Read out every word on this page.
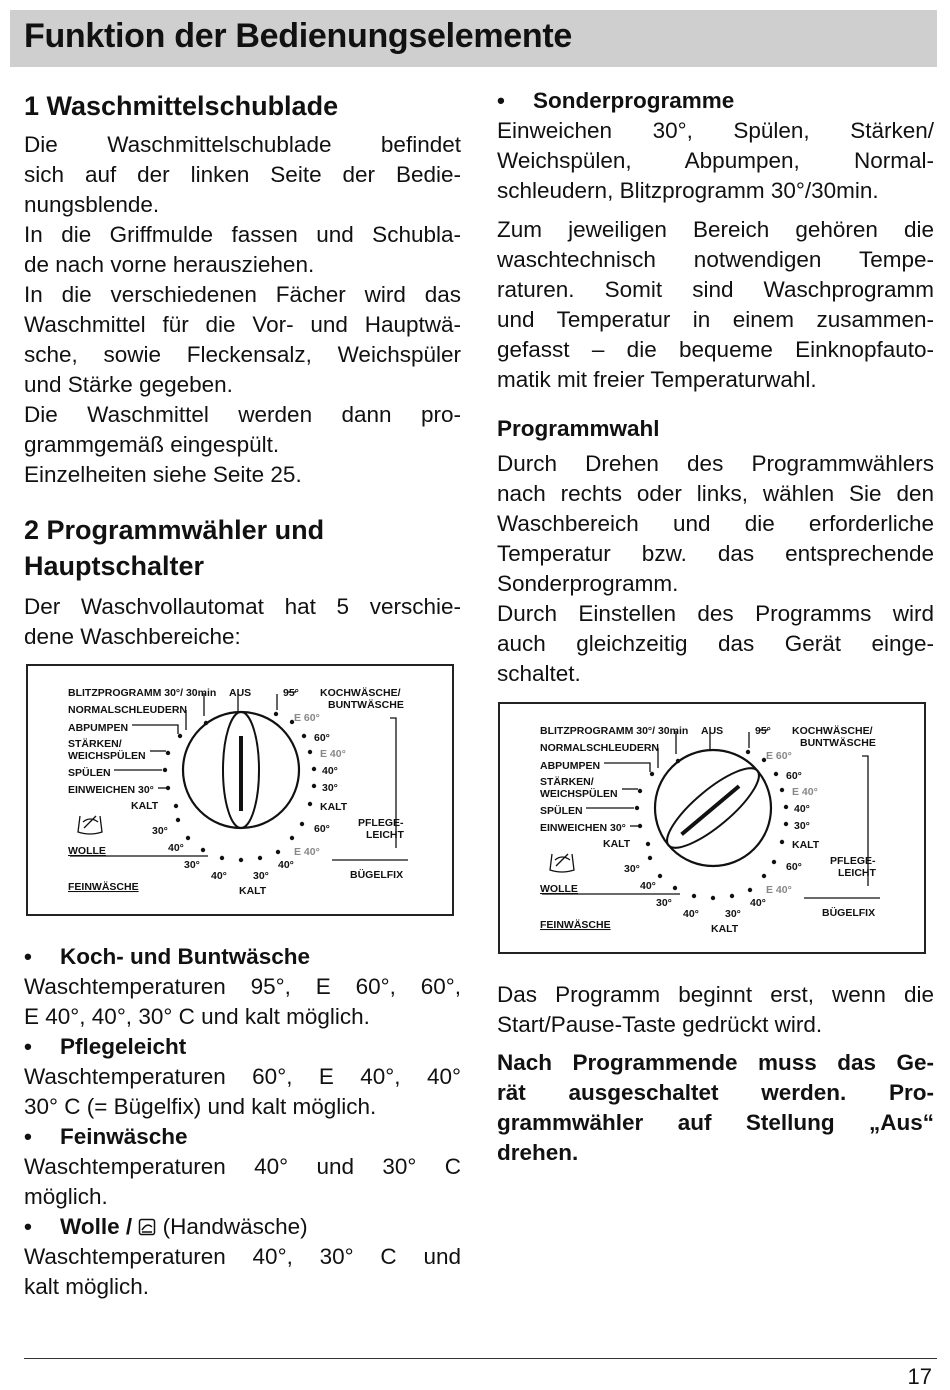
Funktion der Bedienungselemente
1 Waschmittelschublade
Die Waschmittelschublade befindet
sich auf der linken Seite der Bedie-
nungsblende.
In die Griffmulde fassen und Schubla-
de nach vorne herausziehen.
In die verschiedenen Fächer wird das
Waschmittel für die Vor- und Hauptwä-
sche, sowie Fleckensalz, Weichspüler
und Stärke gegeben.
Die Waschmittel werden dann pro-
grammgemäß eingespült.
Einzelheiten siehe Seite 25.
2 Programmwähler und
Hauptschalter
Der Waschvollautomat hat 5 verschie-
dene Waschbereiche:
• Koch- und Buntwäsche
Waschtemperaturen 95°, E 60°, 60°,
E 40°, 40°, 30° C und kalt möglich.
• Pflegeleicht
Waschtemperaturen 60°, E 40°, 40°
30° C (= Bügelfix) und kalt möglich.
• Feinwäsche
Waschtemperaturen 40° und 30° C
möglich.
• Wolle /  (Handwäsche)
Waschtemperaturen 40°, 30° C und
kalt möglich.
BLITZPROGRAMM 30°/ 30min
NORMALSCHLEUDERN
ABPUMPEN
STÄRKEN/
WEICHSPÜLEN
SPÜLEN
EINWEICHEN 30°
KALT
AUS	95° KOCHWÄSCHE/
BUNTWÄSCHE
E 60°
60°
E 40°
40°
30°
KALT
60°	PFLEGE-
LEICHT
E 40°
40°
30°
KALT
BÜGELFIX
30°
40°
30°
40°
WOLLE
FEINWÄSCHE
• Sonderprogramme
Einweichen 30°, Spülen, Stärken/
Weichspülen, Abpumpen, Normal-
schleudern, Blitzprogramm 30°/30min.
Zum jeweiligen Bereich gehören die
waschtechnisch notwendigen Tempe-
raturen. Somit sind Waschprogramm
und Temperatur in einem zusammen-
gefasst – die bequeme Einknopfauto-
matik mit freier Temperaturwahl.
Programmwahl
Durch Drehen des Programmwählers
nach rechts oder links, wählen Sie den
Waschbereich und die erforderliche
Temperatur bzw. das entsprechende
Sonderprogramm.
Durch Einstellen des Programms wird
auch gleichzeitig das Gerät einge-
schaltet.
Das Programm beginnt erst, wenn die
Start/Pause-Taste gedrückt wird.
Nach Programmende muss das Ge-
rät ausgeschaltet werden. Pro-
grammwähler auf Stellung „Aus“
drehen.
BLITZPROGRAMM 30°/ 30min
NORMALSCHLEUDERN
ABPUMPEN
STÄRKEN/
WEICHSPÜLEN
SPÜLEN
EINWEICHEN 30°
KALT
AUS	95° KOCHWÄSCHE/
BUNTWÄSCHE
E 60°
60°
E 40°
40°
30°
KALT
60°	PFLEGE-
LEICHT
E 40°
40°
30°
KALT
BÜGELFIX
30°
40°
30°
40°
WOLLE
FEINWÄSCHE
17
